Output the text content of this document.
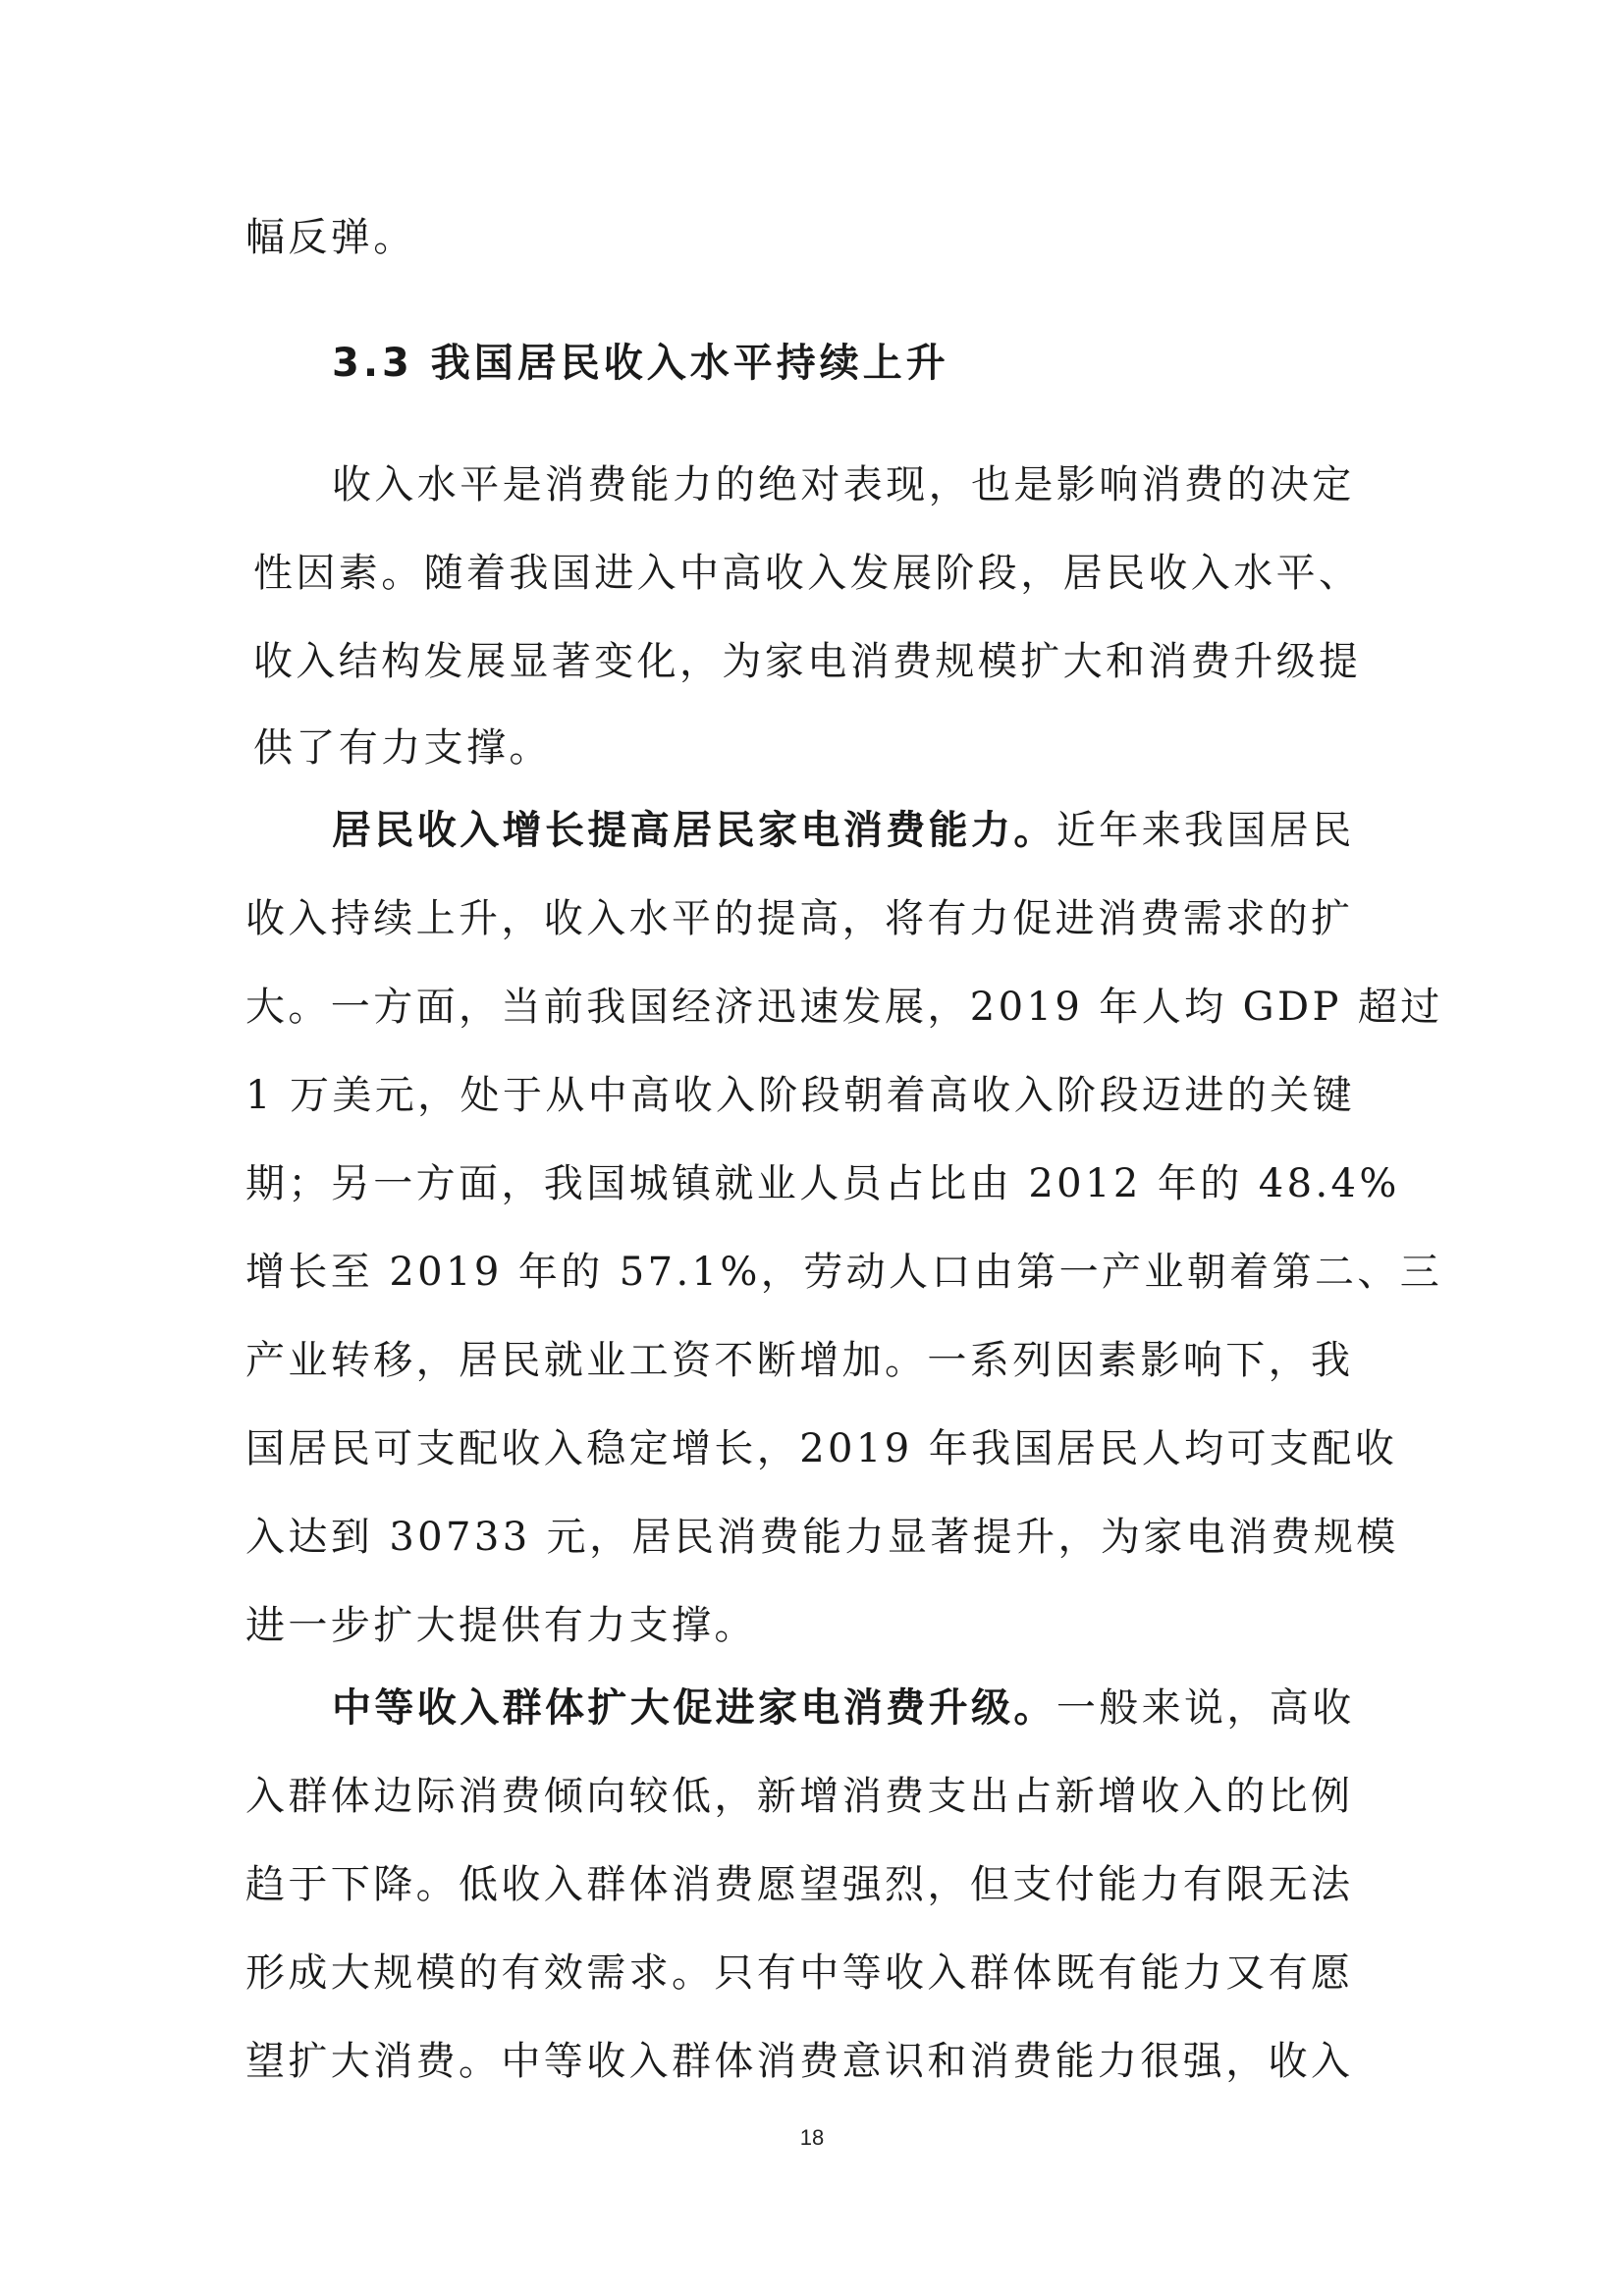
幅反弹。
3.3 我国居民收入水平持续上升
收入水平是消费能力的绝对表现，也是影响消费的决定
性因素。随着我国进入中高收入发展阶段，居民收入水平、
收入结构发展显著变化，为家电消费规模扩大和消费升级提
供了有力支撑。
居民收入增长提高居民家电消费能力。近年来我国居民
收入持续上升，收入水平的提高，将有力促进消费需求的扩
大。一方面，当前我国经济迅速发展，2019 年人均 GDP 超过
1 万美元，处于从中高收入阶段朝着高收入阶段迈进的关键
期；另一方面，我国城镇就业人员占比由 2012 年的 48.4%
增长至 2019 年的 57.1%，劳动人口由第一产业朝着第二、三
产业转移，居民就业工资不断增加。一系列因素影响下，我
国居民可支配收入稳定增长，2019 年我国居民人均可支配收
入达到 30733 元，居民消费能力显著提升，为家电消费规模
进一步扩大提供有力支撑。
中等收入群体扩大促进家电消费升级。一般来说，高收
入群体边际消费倾向较低，新增消费支出占新增收入的比例
趋于下降。低收入群体消费愿望强烈，但支付能力有限无法
形成大规模的有效需求。只有中等收入群体既有能力又有愿
望扩大消费。中等收入群体消费意识和消费能力很强，收入
18
